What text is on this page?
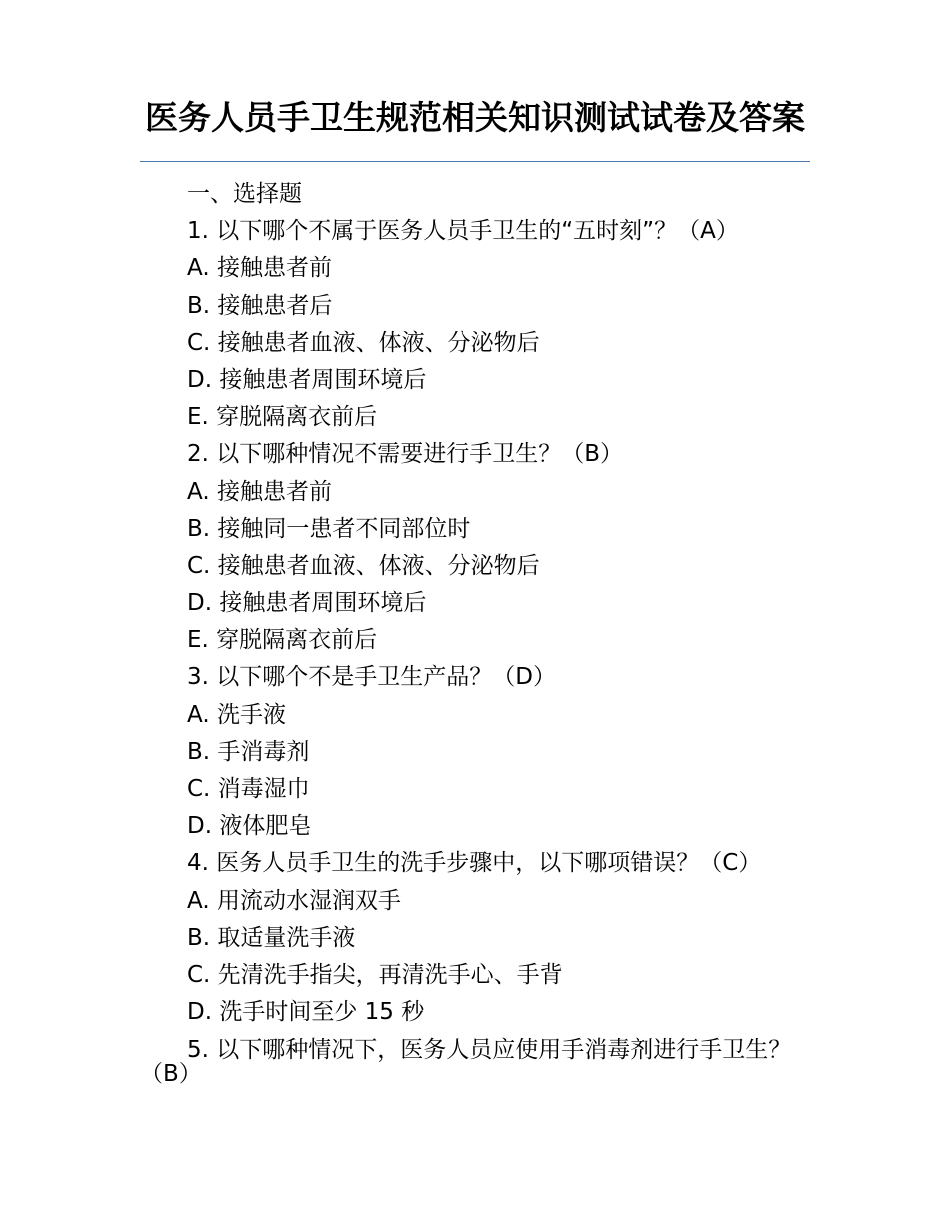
医务人员手卫生规范相关知识测试试卷及答案
一、选择题
1. 以下哪个不属于医务人员手卫生的“五时刻”？（A）
A. 接触患者前
B. 接触患者后
C. 接触患者血液、体液、分泌物后
D. 接触患者周围环境后
E. 穿脱隔离衣前后
2. 以下哪种情况不需要进行手卫生？（B）
A. 接触患者前
B. 接触同一患者不同部位时
C. 接触患者血液、体液、分泌物后
D. 接触患者周围环境后
E. 穿脱隔离衣前后
3. 以下哪个不是手卫生产品？（D）
A. 洗手液
B. 手消毒剂
C. 消毒湿巾
D. 液体肥皂
4. 医务人员手卫生的洗手步骤中，以下哪项错误？（C）
A. 用流动水湿润双手
B. 取适量洗手液
C. 先清洗手指尖，再清洗手心、手背
D. 洗手时间至少 15 秒
5. 以下哪种情况下，医务人员应使用手消毒剂进行手卫生？（B）
